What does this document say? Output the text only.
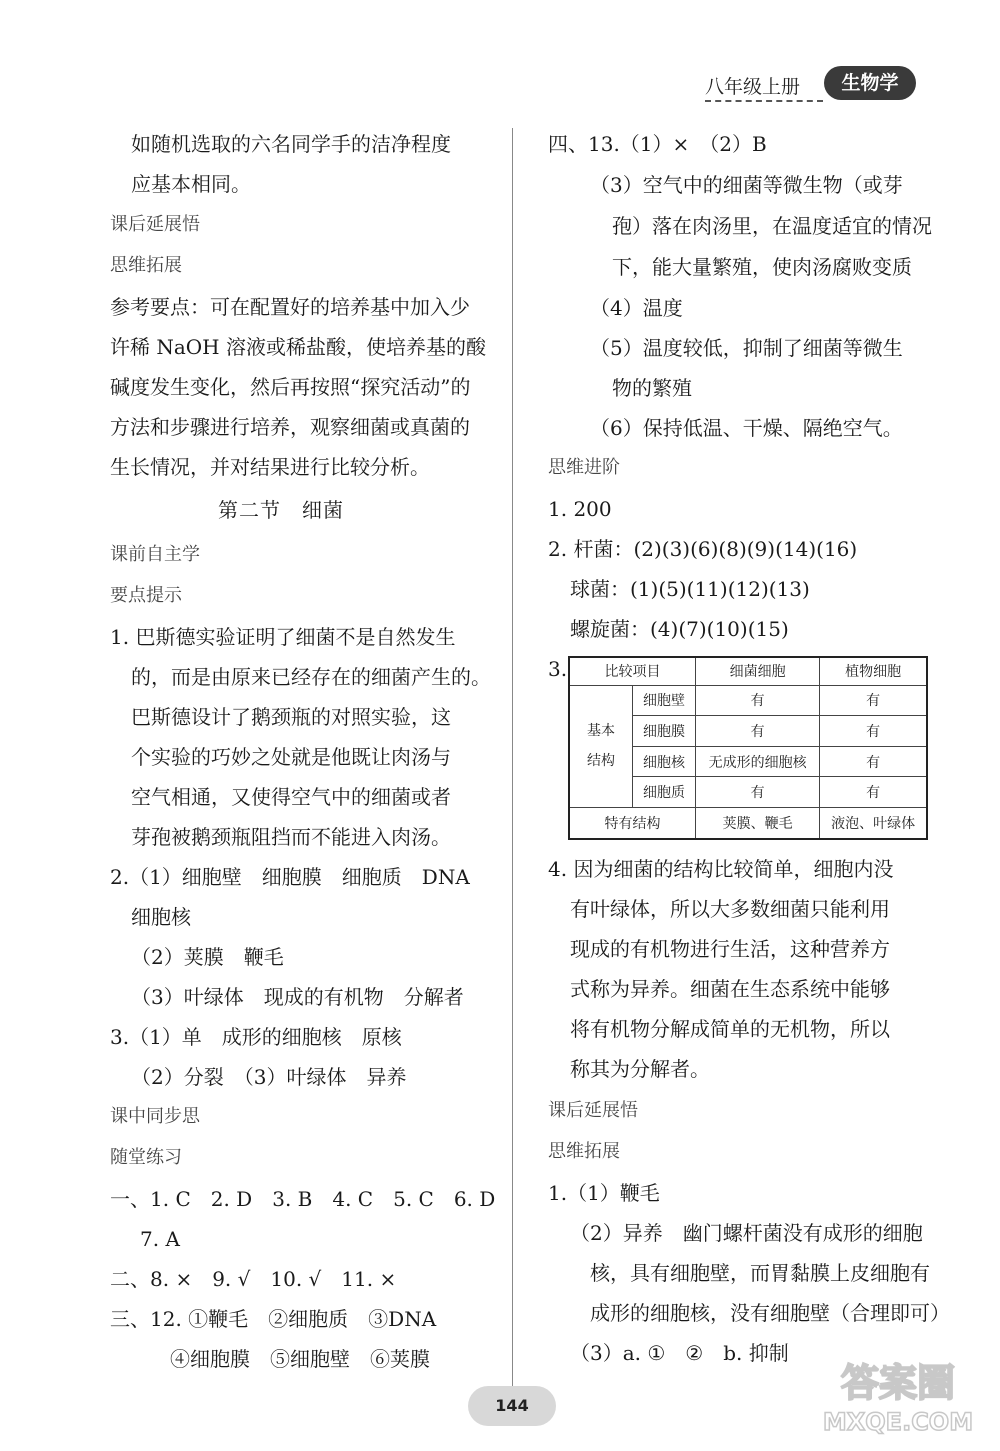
八年级上册	生物学
如随机选取的六名同学手的洁净程度
应基本相同。
课后延展悟
思维拓展
参考要点：可在配置好的培养基中加入少
许稀 NaOH 溶液或稀盐酸，使培养基的酸
碱度发生变化，然后再按照“探究活动”的
方法和步骤进行培养，观察细菌或真菌的
生长情况，并对结果进行比较分析。
第二节　细菌
课前自主学
要点提示
1. 巴斯德实验证明了细菌不是自然发生
的，而是由原来已经存在的细菌产生的。
巴斯德设计了鹅颈瓶的对照实验，这
个实验的巧妙之处就是他既让肉汤与
空气相通，又使得空气中的细菌或者
芽孢被鹅颈瓶阻挡而不能进入肉汤。
2.（1）细胞壁　细胞膜　细胞质　DNA
细胞核
（2）荚膜　鞭毛
（3）叶绿体　现成的有机物　分解者
3.（1）单　成形的细胞核　原核
（2）分裂　（3）叶绿体　异养
课中同步思
随堂练习
一、1. C　2. D　3. B　4. C　5. C　6. D
7. A
二、8. ×　9. √　10. √　11. ×
三、12. ①鞭毛　②细胞质　③DNA
④细胞膜　⑤细胞壁　⑥荚膜
四、13.（1）×　（2）B
（3）空气中的细菌等微生物（或芽
孢）落在肉汤里，在温度适宜的情况
下，能大量繁殖，使肉汤腐败变质
（4）温度
（5）温度较低，抑制了细菌等微生
物的繁殖
（6）保持低温、干燥、隔绝空气。
思维进阶
1. 200
2. 杆菌：(2)(3)(6)(8)(9)(14)(16)
球菌：(1)(5)(11)(12)(13)
螺旋菌：(4)(7)(10)(15)
3.	比较项目		细菌细胞	植物细胞
基本
结构	细胞壁	有	有
	细胞膜	有	有
	细胞核	无成形的细胞核	有
	细胞质	有	有
特有结构		荚膜、鞭毛	液泡、叶绿体
4. 因为细菌的结构比较简单，细胞内没
有叶绿体，所以大多数细菌只能利用
现成的有机物进行生活，这种营养方
式称为异养。细菌在生态系统中能够
将有机物分解成简单的无机物，所以
称其为分解者。
课后延展悟
思维拓展
1.（1）鞭毛
（2）异养　幽门螺杆菌没有成形的细胞
核，具有细胞壁，而胃黏膜上皮细胞有
成形的细胞核，没有细胞壁（合理即可）
（3）a. ①　②　b. 抑制
144
答案圈
MXQE.COM
